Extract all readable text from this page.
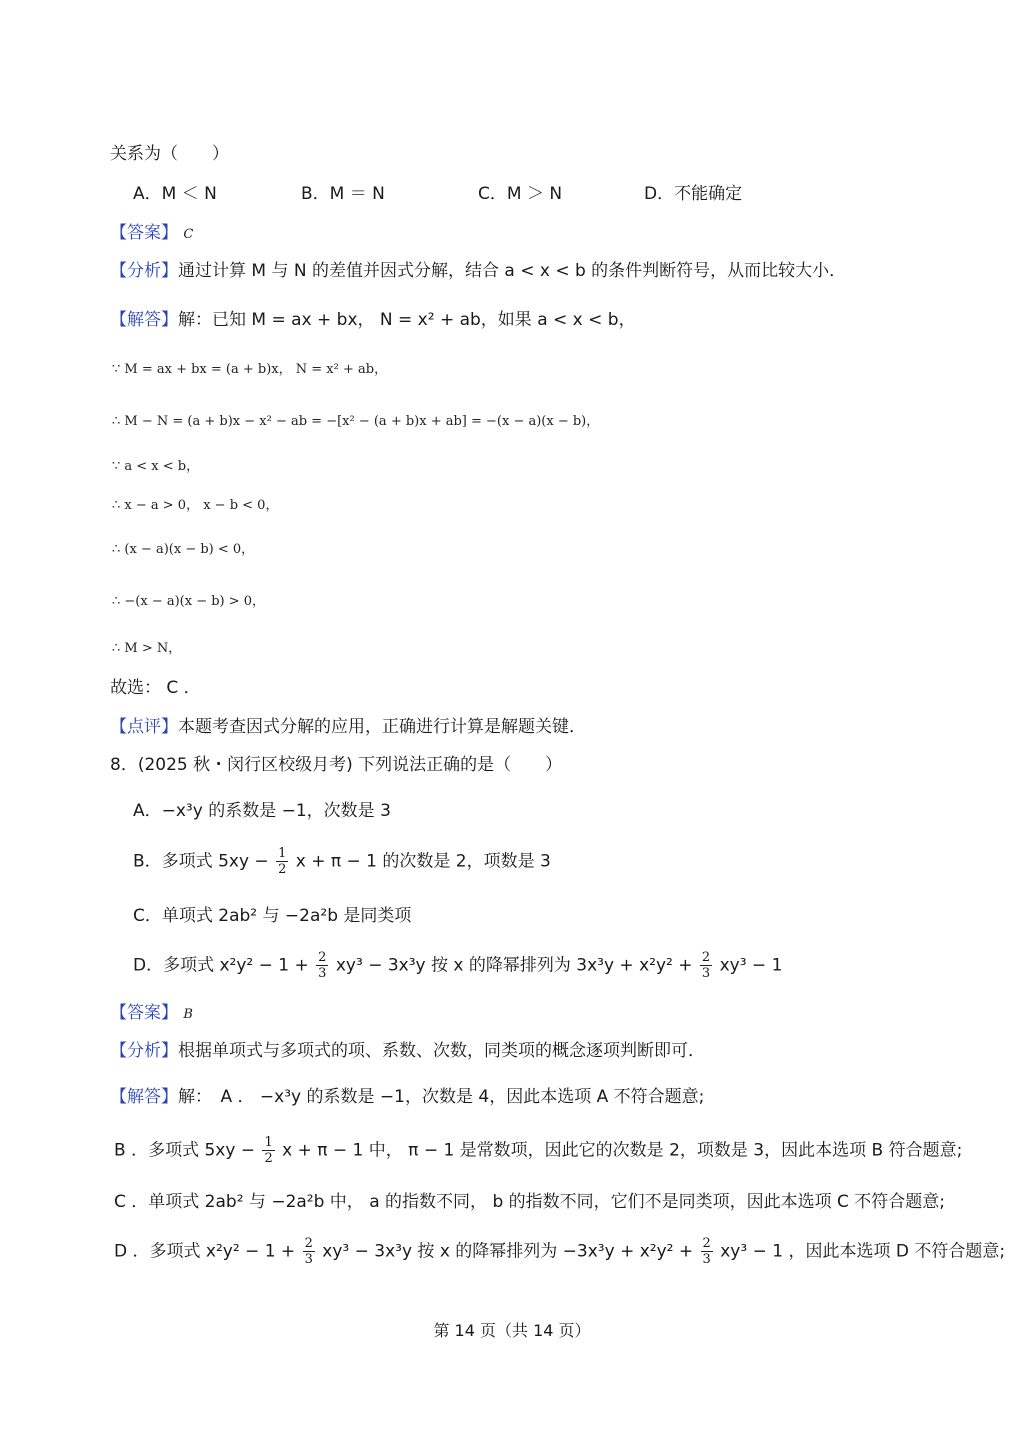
关系为（　　）
A．M ＜ N	B．M ＝ N	C．M ＞ N	D．不能确定
【答案】 C
【分析】通过计算 M 与 N 的差值并因式分解，结合 a < x < b 的条件判断符号，从而比较大小．
【解答】解：已知 M = ax + bx， N = x² + ab，如果 a < x < b，
∵ M = ax + bx = (a + b)x， N = x² + ab，
∴ M − N = (a + b)x − x² − ab = −[x² − (a + b)x + ab] = −(x − a)(x − b)，
∵ a < x < b，
∴ x − a > 0， x − b < 0，
∴ (x − a)(x − b) < 0，
∴ −(x − a)(x − b) > 0，
∴ M > N，
故选： C ．
【点评】本题考查因式分解的应用，正确进行计算是解题关键．
8．(2025 秋・闵行区校级月考) 下列说法正确的是（　　）
A．−x³y 的系数是 −1，次数是 3
B．多项式 $5xy - \frac{1}{2}$ x + π − 1 的次数是 2，项数是 3
C．单项式 2ab² 与 −2a²b 是同类项
D．多项式 $x^2y^2 - 1 + \frac{2}{3} xy^3 - 3x^3y$ 按 x 的降幂排列为 $3x^3y + x^2y^2 + \frac{2}{3} xy^3 - 1$
【答案】 B
【分析】根据单项式与多项式的项、系数、次数，同类项的概念逐项判断即可．
【解答】解：　A ． −x³y 的系数是 −1，次数是 4，因此本选项 A 不符合题意;
B ．多项式 $5xy - \frac{1}{2}$ x + π − 1 中， π − 1 是常数项，因此它的次数是 2，项数是 3，因此本选项 B 符合题意;
C ．单项式 2ab² 与 −2a²b 中， a 的指数不同， b 的指数不同，它们不是同类项，因此本选项 C 不符合题意;
D ．多项式 $x^2y^2 - 1 + \frac{2}{3} xy^3 - 3x^3y$ 按 x 的降幂排列为 $-3x^3y + x^2y^2 + \frac{2}{3} xy^3 - 1$ ，因此本选项 D 不符合题意;
第 14 页（共 14 页）
